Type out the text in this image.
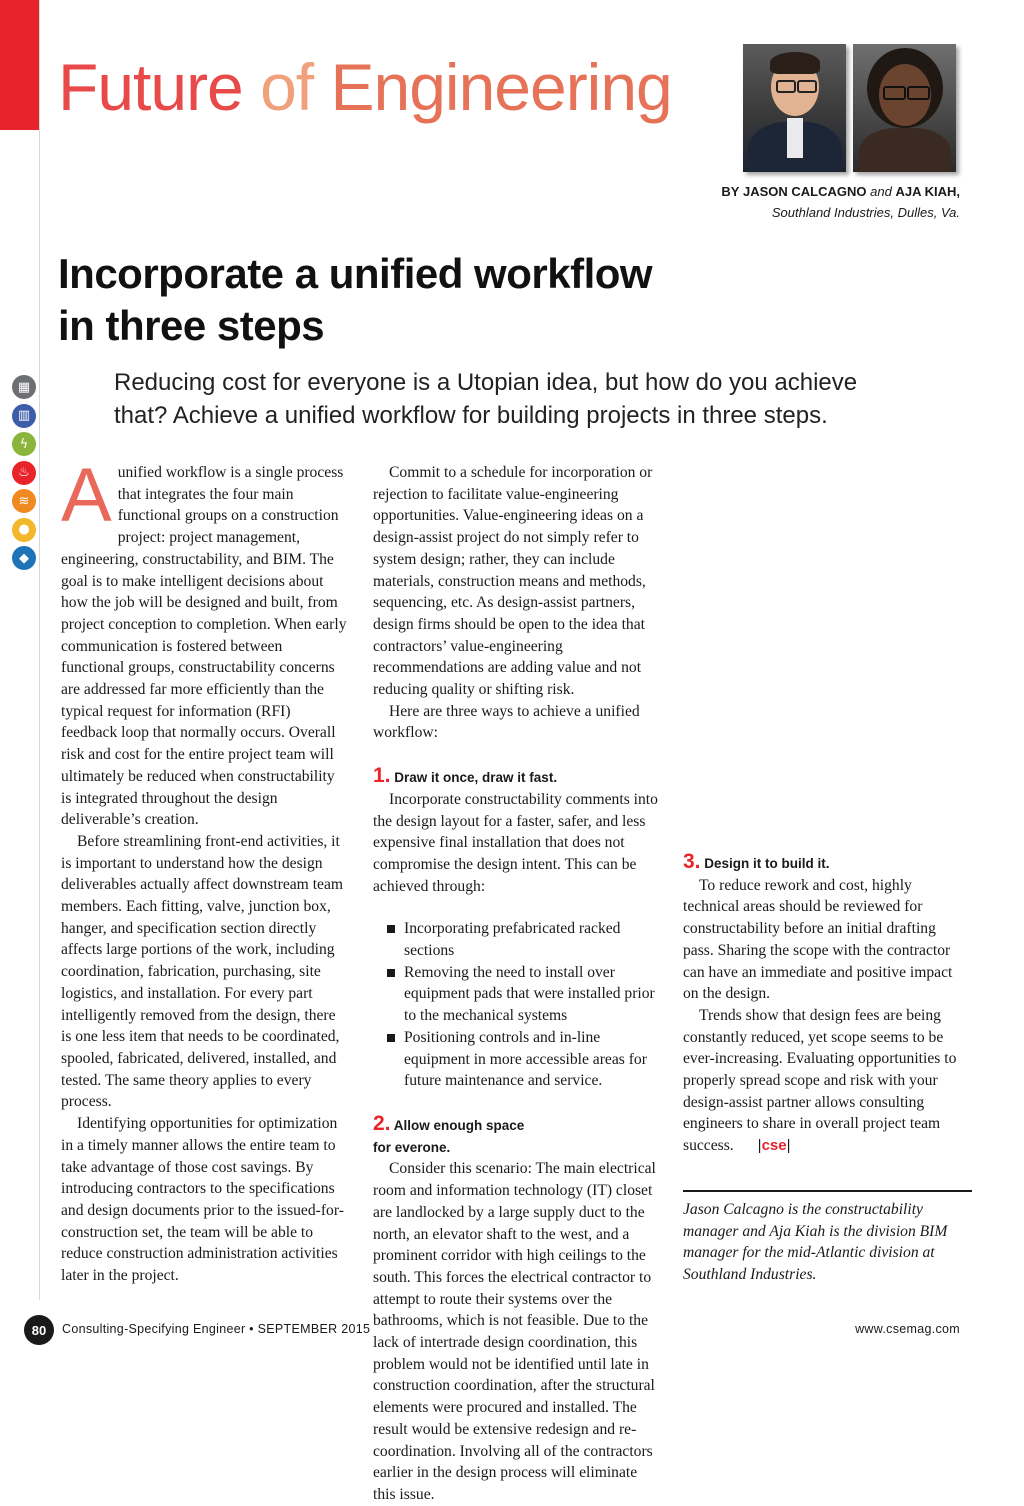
Future of Engineering
BY JASON CALCAGNO and AJA KIAH,
Southland Industries, Dulles, Va.
Incorporate a unified workflow
in three steps
Reducing cost for everyone is a Utopian idea, but how do you achieve
that? Achieve a unified workflow for building projects in three steps.
▦
▥
ϟ
♨
≋
●
◆

Aunified workflow is a single process that integrates the four main functional groups on a construction project: project management, engineering, constructability, and BIM. The goal is to make intelligent decisions about how the job will be designed and built, from project conception to completion. When early communication is fostered between functional groups, constructability concerns are addressed far more efficiently than the typical request for information (RFI) feedback loop that normally occurs. Overall risk and cost for the entire project team will ultimately be reduced when constructability is integrated throughout the design deliverable’s creation.

Before streamlining front-end activities, it is important to understand how the design deliverables actually affect downstream team members. Each fitting, valve, junction box, hanger, and specification section directly affects large portions of the work, including coordination, fabrication, purchasing, site logistics, and installation. For every part intelligently removed from the design, there is one less item that needs to be coordinated, spooled, fabricated, delivered, installed, and tested. The same theory applies to every process.

Identifying opportunities for optimization in a timely manner allows the entire team to take advantage of those cost savings. By introducing contractors to the specifications and design documents prior to the issued-for-construction set, the team will be able to reduce construction administration activities later in the project.

Commit to a schedule for incorporation or rejection to facilitate value-engineering opportunities. Value-engineering ideas on a design-assist project do not simply refer to system design; rather, they can include materials, construction means and methods, sequencing, etc. As design-assist partners, design firms should be open to the idea that contractors’ value-engineering recommendations are adding value and not reducing quality or shifting risk.

Here are three ways to achieve a unified workflow:

1. Draw it once, draw it fast.

Incorporate constructability comments into the design layout for a faster, safer, and less expensive final installation that does not compromise the design intent. This can be achieved through:

Incorporating prefabricated racked sections
Removing the need to install over equipment pads that were installed prior to the mechanical systems
Positioning controls and in-line equipment in more accessible areas for future maintenance and service.
2. Allow enough space
for everone.

Consider this scenario: The main electrical room and information technology (IT) closet are landlocked by a large supply duct to the north, an elevator shaft to the west, and a prominent corridor with high ceilings to the south. This forces the electrical contractor to attempt to route their systems over the bathrooms, which is not feasible. Due to the lack of intertrade design coordination, this problem would not be identified until late in construction coordination, after the structural elements were procured and installed. The result would be extensive redesign and re-coordination. Involving all of the contractors earlier in the design process will eliminate this issue.

3. Design it to build it.

To reduce rework and cost, highly technical areas should be reviewed for constructability before an initial drafting pass. Sharing the scope with the contractor can have an immediate and positive impact on the design.

Trends show that design fees are being constantly reduced, yet scope seems to be ever-increasing. Evaluating opportunities to properly spread scope and risk with your design-assist partner allows consulting engineers to share in overall project team success. |cse|

Jason Calcagno is the constructability manager and Aja Kiah is the division BIM manager for the mid-Atlantic division at Southland Industries.
80	Consulting-Specifying Engineer • SEPTEMBER 2015	www.csemag.com
